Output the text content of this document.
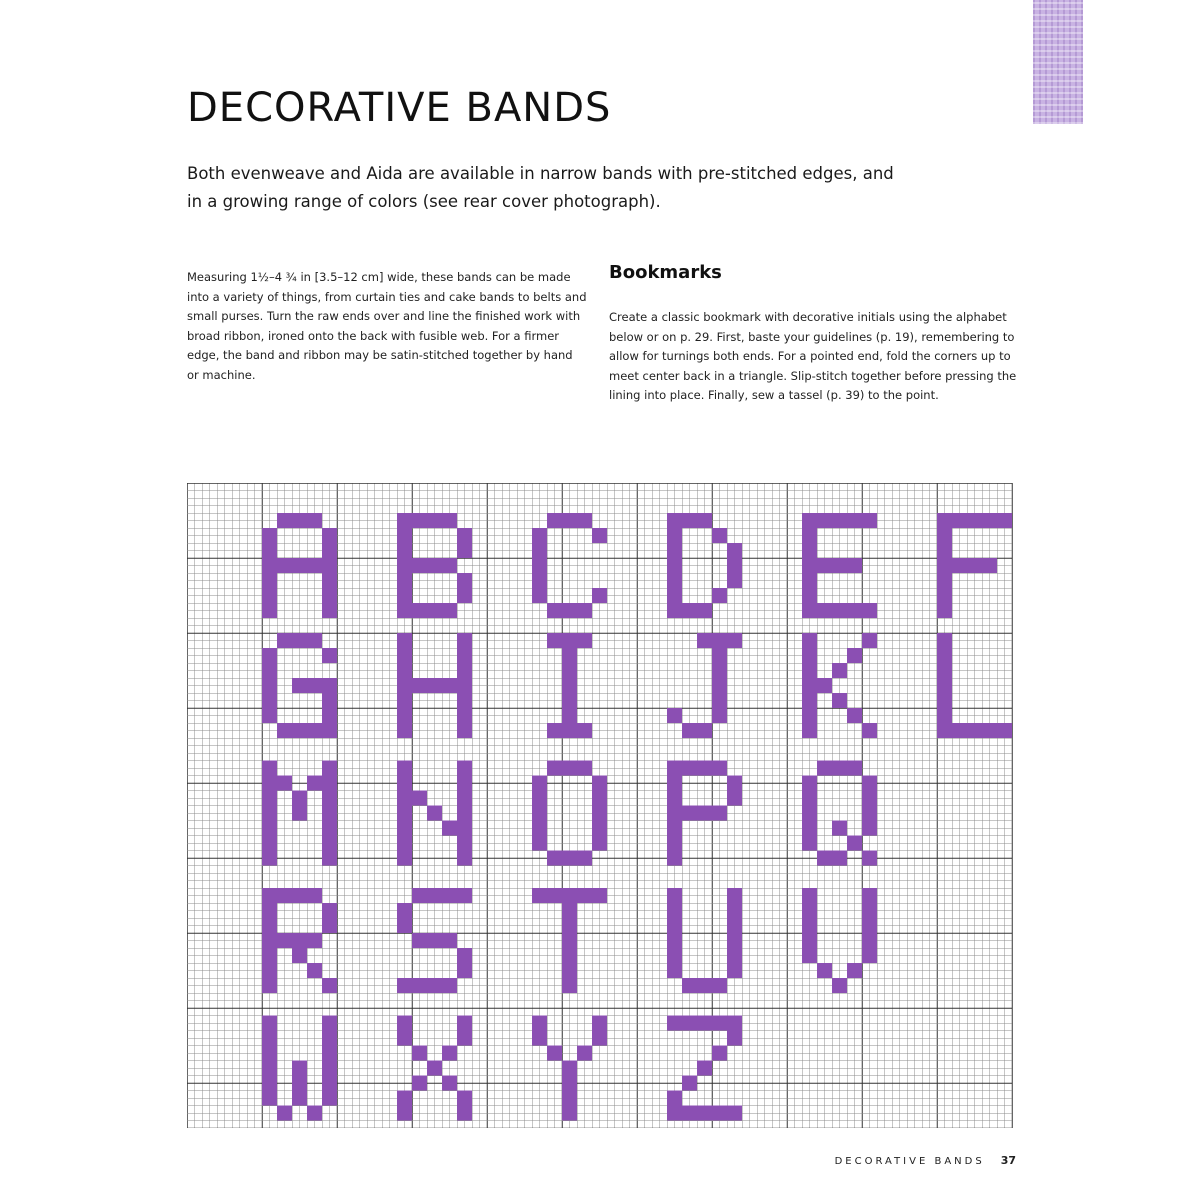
DECORATIVE BANDS

Both evenweave and Aida are available in narrow bands with pre-stitched edges, and in a growing range of colors (see rear cover photograph).

Measuring 1½–4 ¾ in [3.5–12 cm] wide, these bands can be made into a variety of things, from curtain ties and cake bands to belts and small purses. Turn the raw ends over and line the finished work with broad ribbon, ironed onto the back with fusible web. For a firmer edge, the band and ribbon may be satin-stitched together by hand or machine.

Bookmarks

Create a classic bookmark with decorative initials using the alphabet below or on p. 29. First, baste your guidelines (p. 19), remembering to allow for turnings both ends. For a pointed end, fold the corners up to meet center back in a triangle. Slip-stitch together before pressing the lining into place. Finally, sew a tassel (p. 39) to the point.

DECORATIVE BANDS 37
